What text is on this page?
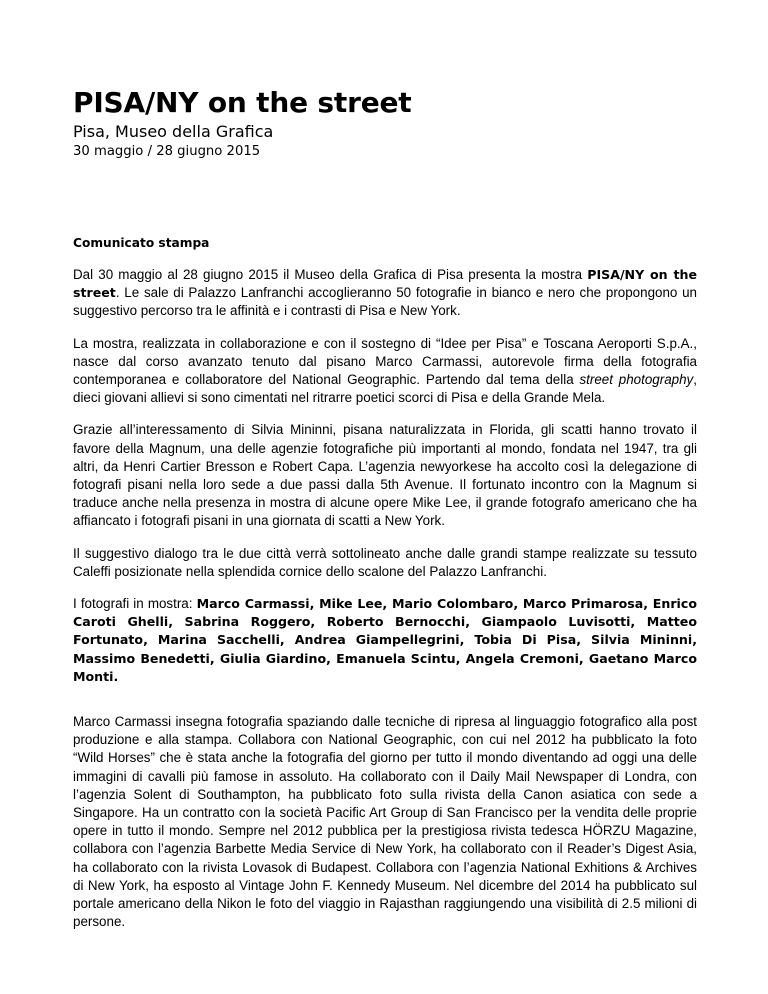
PISA/NY on the street
Pisa, Museo della Grafica
30 maggio / 28 giugno 2015
Comunicato stampa

Dal 30 maggio al 28 giugno 2015 il Museo della Grafica di Pisa presenta la mostra PISA/NY on the street. Le sale di Palazzo Lanfranchi accoglieranno 50 fotografie in bianco e nero che propongono un suggestivo percorso tra le affinità e i contrasti di Pisa e New York.

La mostra, realizzata in collaborazione e con il sostegno di “Idee per Pisa” e Toscana Aeroporti S.p.A., nasce dal corso avanzato tenuto dal pisano Marco Carmassi, autorevole firma della fotografia contemporanea e collaboratore del National Geographic. Partendo dal tema della street photography, dieci giovani allievi si sono cimentati nel ritrarre poetici scorci di Pisa e della Grande Mela.

Grazie all’interessamento di Silvia Mininni, pisana naturalizzata in Florida, gli scatti hanno trovato il favore della Magnum, una delle agenzie fotografiche più importanti al mondo, fondata nel 1947, tra gli altri, da Henri Cartier Bresson e Robert Capa. L’agenzia newyorkese ha accolto così la delegazione di fotografi pisani nella loro sede a due passi dalla 5th Avenue. Il fortunato incontro con la Magnum si traduce anche nella presenza in mostra di alcune opere Mike Lee, il grande fotografo americano che ha affiancato i fotografi pisani in una giornata di scatti a New York.

Il suggestivo dialogo tra le due città verrà sottolineato anche dalle grandi stampe realizzate su tessuto Caleffi posizionate nella splendida cornice dello scalone del Palazzo Lanfranchi.

I fotografi in mostra: Marco Carmassi, Mike Lee, Mario Colombaro, Marco Primarosa, Enrico Caroti Ghelli, Sabrina Roggero, Roberto Bernocchi, Giampaolo Luvisotti, Matteo Fortunato, Marina Sacchelli, Andrea Giampellegrini, Tobia Di Pisa, Silvia Mininni, Massimo Benedetti, Giulia Giardino, Emanuela Scintu, Angela Cremoni, Gaetano Marco Monti.

Marco Carmassi insegna fotografia spaziando dalle tecniche di ripresa al linguaggio fotografico alla post produzione e alla stampa. Collabora con National Geographic, con cui nel 2012 ha pubblicato la foto “Wild Horses” che è stata anche la fotografia del giorno per tutto il mondo diventando ad oggi una delle immagini di cavalli più famose in assoluto. Ha collaborato con il Daily Mail Newspaper di Londra, con l’agenzia Solent di Southampton, ha pubblicato foto sulla rivista della Canon asiatica con sede a Singapore. Ha un contratto con la società Pacific Art Group di San Francisco per la vendita delle proprie opere in tutto il mondo. Sempre nel 2012 pubblica per la prestigiosa rivista tedesca HÖRZU Magazine, collabora con l’agenzia Barbette Media Service di New York, ha collaborato con il Reader’s Digest Asia, ha collaborato con la rivista Lovasok di Budapest. Collabora con l’agenzia National Exhitions & Archives di New York, ha esposto al Vintage John F. Kennedy Museum. Nel dicembre del 2014 ha pubblicato sul portale americano della Nikon le foto del viaggio in Rajasthan raggiungendo una visibilità di 2.5 milioni di persone.
